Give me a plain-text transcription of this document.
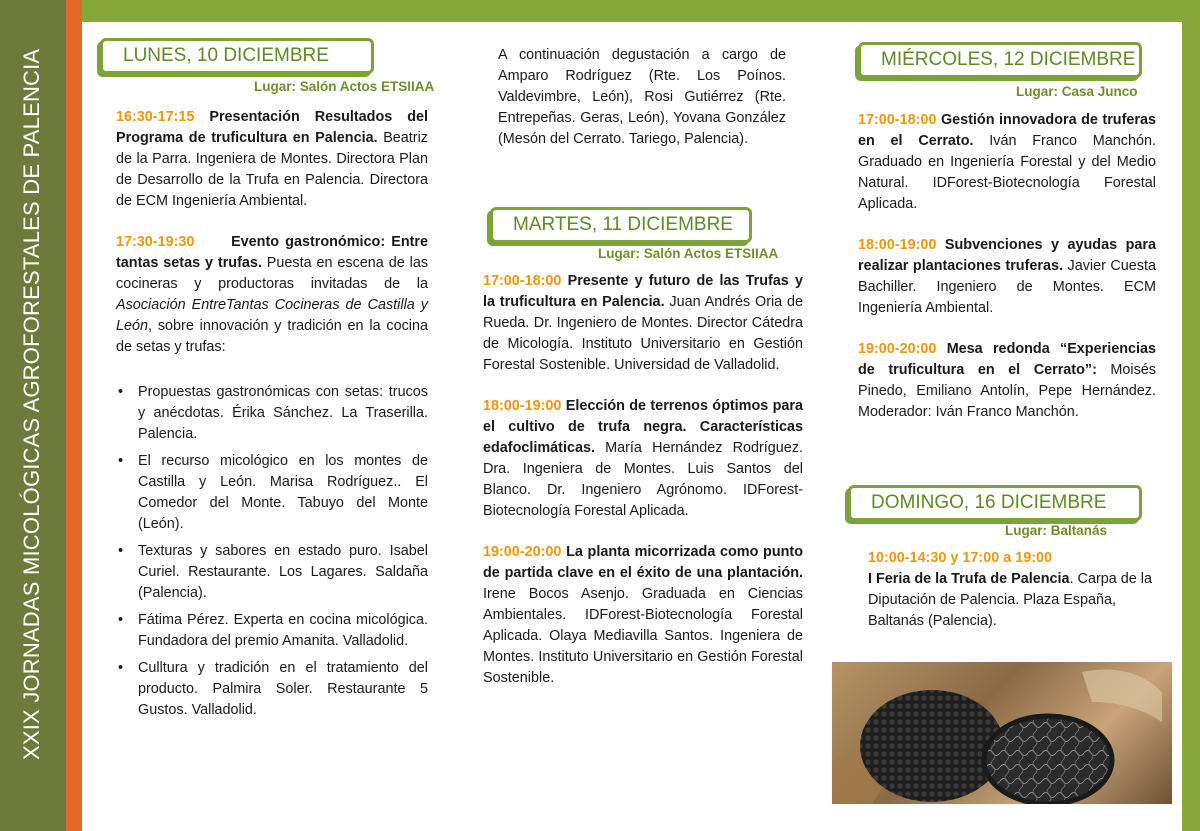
XXIX JORNADAS MICOLÓGICAS AGROFORESTALES DE PALENCIA	LUNES, 10 DICIEMBRE
Lugar: Salón Actos ETSIIAA

16:30-17:15 Presentación Resultados del Programa de truficultura en Palencia. Beatriz de la Parra. Ingeniera de Montes. Directora Plan de Desarrollo de la Trufa en Palencia. Directora de ECM Ingeniería Ambiental.

17:30-19:30	Evento gastronómico: Entre tantas setas y trufas. Puesta en escena de las cocineras y productoras invitadas de la Asociación EntreTantas Cocineras de Castilla y León, sobre innovación y tradición en la cocina de setas y trufas:

• Propuestas gastronómicas con setas: trucos y anécdotas. Érika Sánchez. La Traserilla. Palencia.
• El recurso micológico en los montes de Castilla y León. Marisa Rodríguez.. El Comedor del Monte. Tabuyo del Monte (León).
• Texturas y sabores en estado puro. Isabel Curiel. Restaurante. Los Lagares. Saldaña (Palencia).
• Fátima Pérez. Experta en cocina micológica. Fundadora del premio Amanita. Valladolid.
• Culltura y tradición en el tratamiento del producto. Palmira Soler. Restaurante 5 Gustos. Valladolid.
A continuación degustación a cargo de Amparo Rodríguez (Rte. Los Poínos. Valdevimbre, León), Rosi Gutiérrez (Rte. Entrepeñas. Geras, León), Yovana González (Mesón del Cerrato. Tariego, Palencia).
MARTES, 11 DICIEMBRE
Lugar: Salón Actos ETSIIAA

17:00-18:00 Presente y futuro de las Trufas y la truficultura en Palencia. Juan Andrés Oria de Rueda. Dr. Ingeniero de Montes. Director Cátedra de Micología. Instituto Universitario en Gestión Forestal Sostenible. Universidad de Valladolid.

18:00-19:00 Elección de terrenos óptimos para el cultivo de trufa negra. Características edafoclimáticas. María Hernández Rodríguez. Dra. Ingeniera de Montes. Luis Santos del Blanco. Dr. Ingeniero Agrónomo. IDForest-Biotecnología Forestal Aplicada.

19:00-20:00 La planta micorrizada como punto de partida clave en el éxito de una plantación. Irene Bocos Asenjo. Graduada en Ciencias Ambientales. IDForest-Biotecnología Forestal Aplicada. Olaya Mediavilla Santos. Ingeniera de Montes. Instituto Universitario en Gestión Forestal Sostenible.

MIÉRCOLES, 12 DICIEMBRE
Lugar: Casa Junco

17:00-18:00 Gestión innovadora de truferas en el Cerrato. Iván Franco Manchón. Graduado en Ingeniería Forestal y del Medio Natural. IDForest-Biotecnología Forestal Aplicada.

18:00-19:00 Subvenciones y ayudas para realizar plantaciones truferas. Javier Cuesta Bachiller. Ingeniero de Montes. ECM Ingeniería Ambiental.

19:00-20:00 Mesa redonda “Experiencias de truficultura en el Cerrato”: Moisés Pinedo, Emiliano Antolín, Pepe Hernández. Moderador: Iván Franco Manchón.

DOMINGO, 16 DICIEMBRE
Lugar: Baltanás

10:00-14:30 y 17:00 a 19:00
I Feria de la Trufa de Palencia. Carpa de la Diputación de Palencia. Plaza España, Baltanás (Palencia).
